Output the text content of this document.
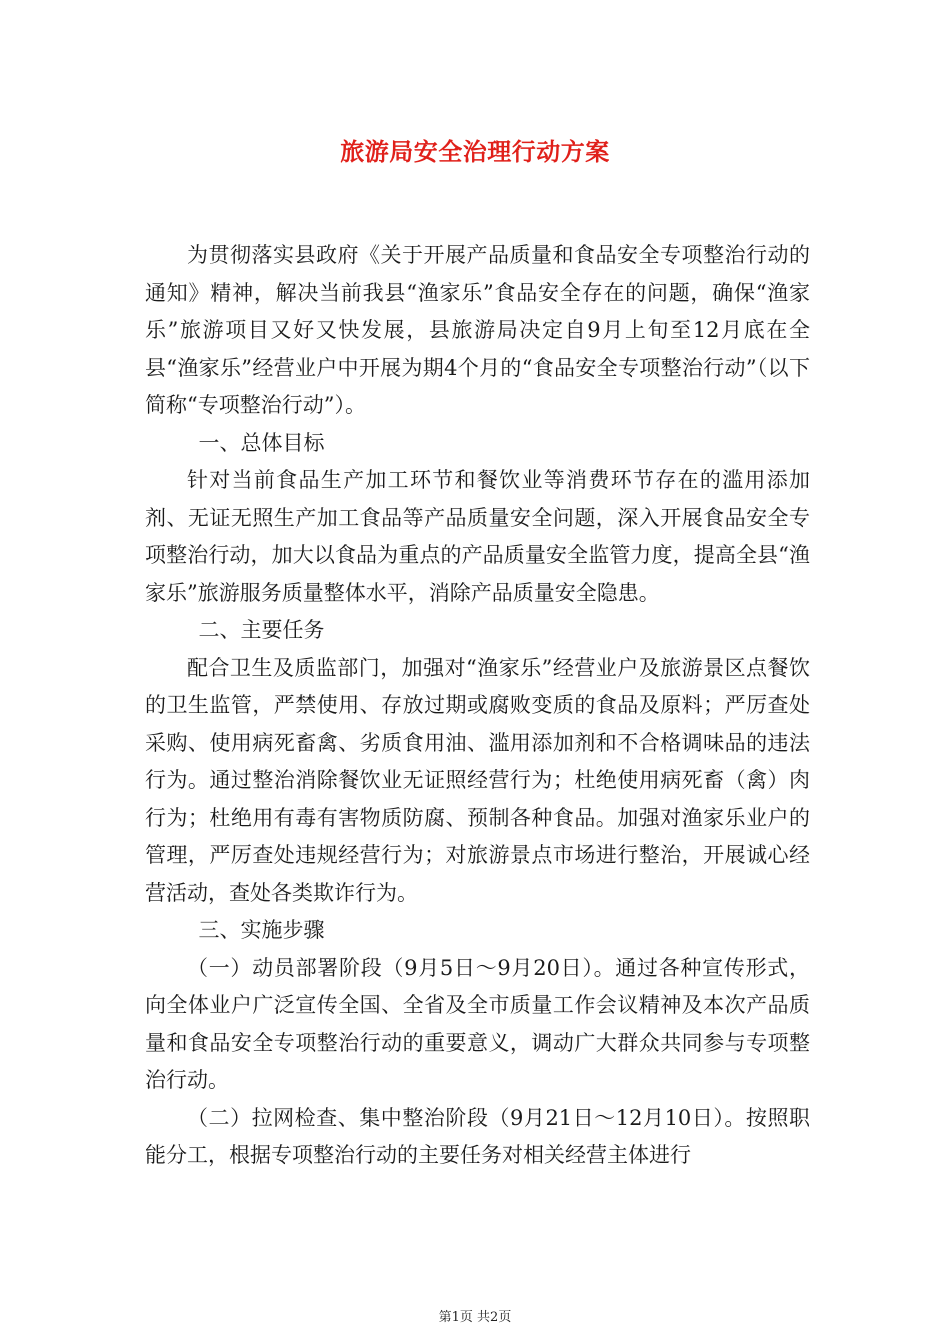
旅游局安全治理行动方案

为贯彻落实县政府《关于开展产品质量和食品安全专项整治行动的通知》精神，解决当前我县“渔家乐”食品安全存在的问题，确保“渔家乐”旅游项目又好又快发展，县旅游局决定自9月上旬至12月底在全县“渔家乐”经营业户中开展为期4个月的“食品安全专项整治行动”（以下简称“专项整治行动”）。

一、总体目标

针对当前食品生产加工环节和餐饮业等消费环节存在的滥用添加剂、无证无照生产加工食品等产品质量安全问题，深入开展食品安全专项整治行动，加大以食品为重点的产品质量安全监管力度，提高全县“渔家乐”旅游服务质量整体水平，消除产品质量安全隐患。

二、主要任务

配合卫生及质监部门，加强对“渔家乐”经营业户及旅游景区点餐饮的卫生监管，严禁使用、存放过期或腐败变质的食品及原料；严厉查处采购、使用病死畜禽、劣质食用油、滥用添加剂和不合格调味品的违法行为。通过整治消除餐饮业无证照经营行为；杜绝使用病死畜（禽）肉行为；杜绝用有毒有害物质防腐、预制各种食品。加强对渔家乐业户的管理，严厉查处违规经营行为；对旅游景点市场进行整治，开展诚心经营活动，查处各类欺诈行为。

三、实施步骤

（一）动员部署阶段（9月5日～9月20日）。通过各种宣传形式，向全体业户广泛宣传全国、全省及全市质量工作会议精神及本次产品质量和食品安全专项整治行动的重要意义，调动广大群众共同参与专项整治行动。

（二）拉网检查、集中整治阶段（9月21日～12月10日）。按照职能分工，根据专项整治行动的主要任务对相关经营主体进行

第1页 共2页
